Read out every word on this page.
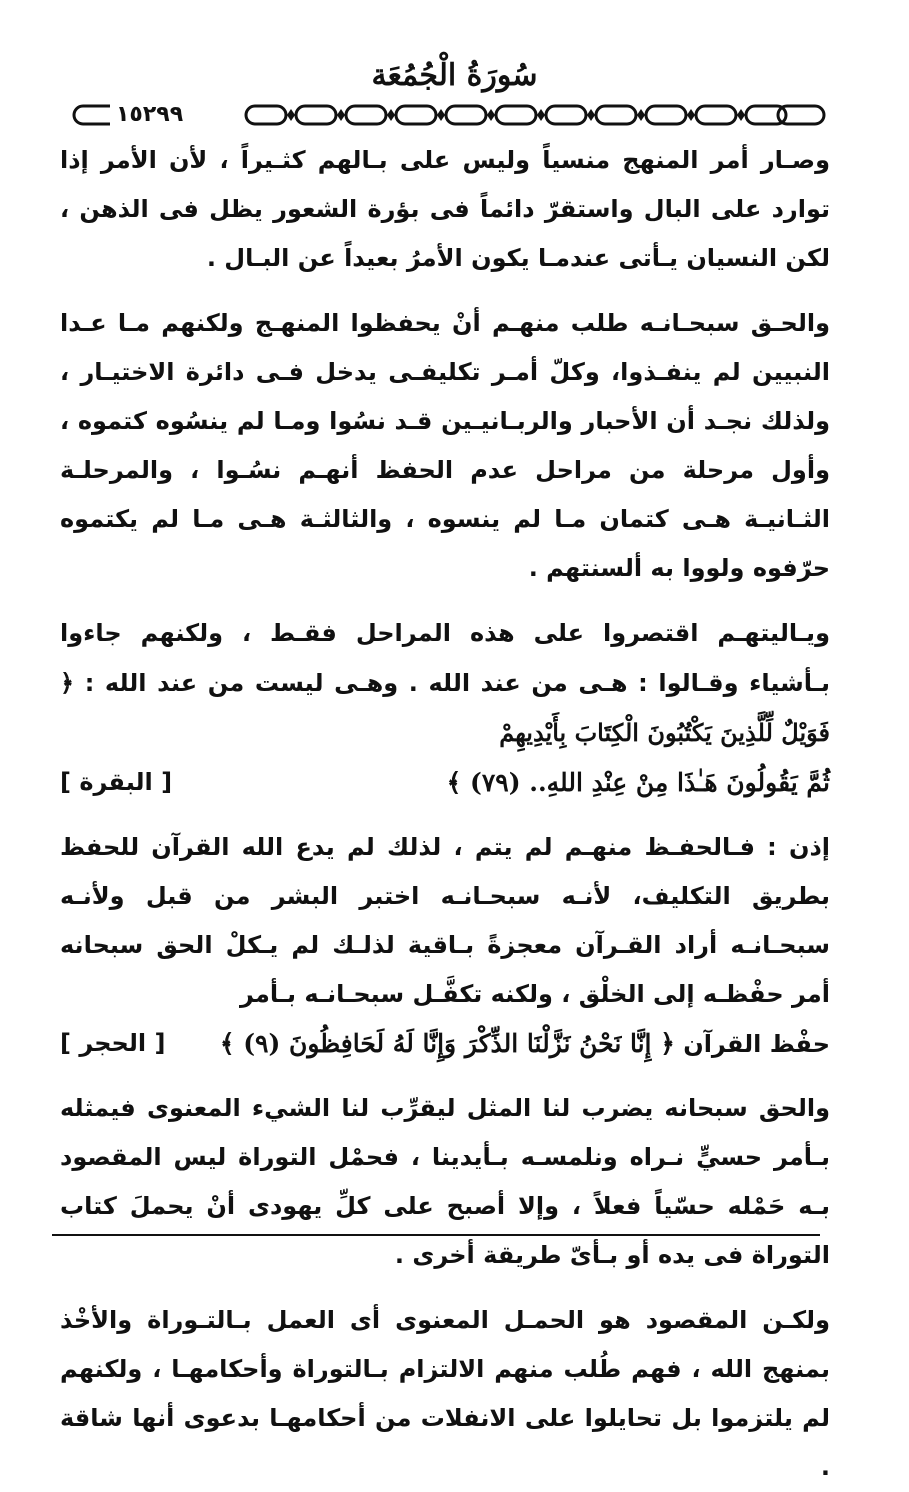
سُورَةُ الْجُمُعَة
١٥٢٩٩

وصـار أمر المنهج منسياً وليس على بـالهم كثـيراً ، لأن الأمر إذا توارد على البال واستقرّ دائماً فى بؤرة الشعور يظل فى الذهن ، لكن النسيان يـأتى عندمـا يكون الأمرُ بعيداً عن البـال .

والحـق سبحـانـه طلب منهـم أنْ يحفظوا المنهـج ولكنهم مـا عـدا النبيين لم ينفـذوا، وكلّ أمـر تكليفـى يدخل فـى دائرة الاختيـار ، ولذلك نجـد أن الأحبار والربـانيـين قـد نسُوا ومـا لم ينسُوه كتموه ، وأول مرحلة من مراحل عدم الحفظ أنهـم نسُـوا ، والمرحلـة الثـانيـة هـى كتمان مـا لم ينسوه ، والثالثـة هـى مـا لم يكتموه حرّفوه ولووا به ألسنتهم .

ويـاليتهـم اقتصروا على هذه المراحل فقـط ، ولكنهم جاءوا بـأشياء وقـالوا : هـى من عند الله . وهـى ليست من عند الله : ﴿ فَوَيْلٌ لِّلَّذِينَ يَكْتُبُونَ الْكِتَابَ بِأَيْدِيهِمْ

ثُمَّ يَقُولُونَ هَـٰذَا مِنْ عِنْدِ اللهِ.. (٧٩) ﴾
[ البقرة ]

إذن : فـالحفـظ منهـم لم يتم ، لذلك لم يدع الله القرآن للحفظ بطريق التكليف، لأنـه سبحـانـه اختبر البشر من قبل ولأنـه سبحـانـه أراد القـرآن معجزةً بـاقية لذلـك لم يـكلْ الحق سبحانه أمر حفْظـه إلى الخلْق ، ولكنه تكفَّـل سبحـانـه بـأمر

حفْظ القرآن ﴿ إِنَّا نَحْنُ نَزَّلْنَا الذِّكْرَ وَإِنَّا لَهُ لَحَافِظُونَ (٩) ﴾
[ الحجر ]

والحق سبحانه يضرب لنا المثل ليقرِّب لنا الشيء المعنوى فيمثله بـأمر حسيٍّ نـراه ونلمسـه بـأيدينا ، فحمْل التوراة ليس المقصود بـه حَمْله حسّياً فعلاً ، وإلا أصبح على كلِّ يهودى أنْ يحملَ كتاب التوراة فى يده أو بـأىّ طريقة أخرى .

ولكـن المقصود هو الحمـل المعنوى أى العمل بـالتـوراة والأخْذ بمنهج الله ، فهم طُلب منهم الالتزام بـالتوراة وأحكامهـا ، ولكنهم لم يلتزموا بل تحايلوا على الانفلات من أحكامهـا بدعوى أنها شاقة .
